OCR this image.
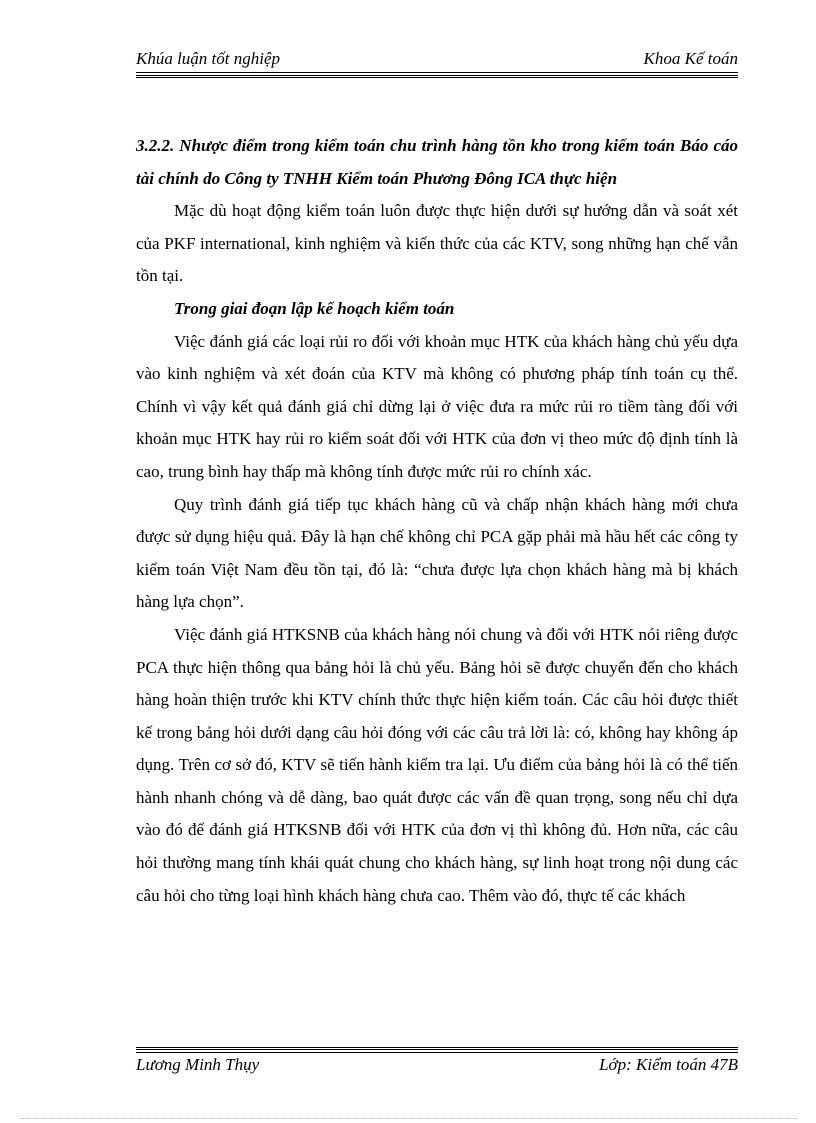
Khúa luận tốt nghiệp	Khoa Kế toán

3.2.2. Nhược điểm trong kiểm toán chu trình hàng tồn kho trong kiểm toán Báo cáo tài chính do Công ty TNHH Kiểm toán Phương Đông ICA thực hiện

Mặc dù hoạt động kiểm toán luôn được thực hiện dưới sự hướng dẫn và soát xét của PKF international, kinh nghiệm và kiến thức của các KTV, song những hạn chế vẫn tồn tại.

Trong giai đoạn lập kế hoạch kiểm toán

Việc đánh giá các loại rủi ro đối với khoản mục HTK của khách hàng chủ yếu dựa vào kinh nghiệm và xét đoán của KTV mà không có phương pháp tính toán cụ thể. Chính vì vậy kết quả đánh giá chỉ dừng lại ở việc đưa ra mức rủi ro tiềm tàng đối với khoản mục HTK hay rủi ro kiểm soát đối với HTK của đơn vị theo mức độ định tính là cao, trung bình hay thấp mà không tính được mức rủi ro chính xác.

Quy trình đánh giá tiếp tục khách hàng cũ và chấp nhận khách hàng mới chưa được sử dụng hiệu quả. Đây là hạn chế không chỉ PCA gặp phải mà hầu hết các công ty kiểm toán Việt Nam đều tồn tại, đó là: “chưa được lựa chọn khách hàng mà bị khách hàng lựa chọn”.

Việc đánh giá HTKSNB của khách hàng nói chung và đối với HTK nói riêng được PCA thực hiện thông qua bảng hỏi là chủ yếu. Bảng hỏi sẽ được chuyển đến cho khách hàng hoàn thiện trước khi KTV chính thức thực hiện kiểm toán. Các câu hỏi được thiết kế trong bảng hỏi dưới dạng câu hỏi đóng với các câu trả lời là: có, không hay không áp dụng. Trên cơ sở đó, KTV sẽ tiến hành kiểm tra lại. Ưu điểm của bảng hỏi là có thể tiến hành nhanh chóng và dễ dàng, bao quát được các vấn đề quan trọng, song nếu chỉ dựa vào đó để đánh giá HTKSNB đối với HTK của đơn vị thì không đủ. Hơn nữa, các câu hỏi thường mang tính khái quát chung cho khách hàng, sự linh hoạt trong nội dung các câu hỏi cho từng loại hình khách hàng chưa cao. Thêm vào đó, thực tế các khách

Lương Minh Thụy	Lớp: Kiểm toán 47B
